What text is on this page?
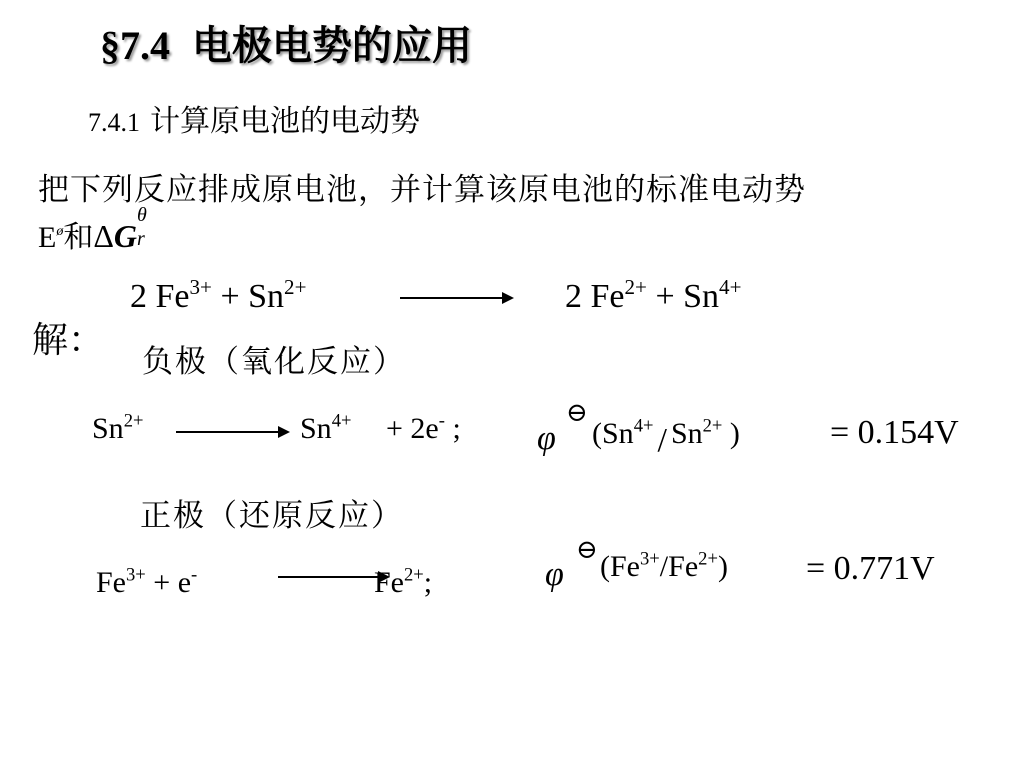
§7.4 电极电势的应用
7.4.1 计算原电池的电动势
把下列反应排成原电池，并计算该原电池的标准电动势
$E^ø$和ΔG
θ
r
2 $Fe^{3+} + Sn^{2+}$	2 $Fe^{2+} + Sn^{4+}$
解：
负极（氧化反应）
$Sn^{2+}$	$Sn^{4+} + 2e^-$ ; φ
⊖
($Sn^{4+} / Sn^{2+}$ )	= 0.154V
正极（还原反应）
$Fe^{3+} + e^-$	$Fe^{2+}$;	φ
⊖
$(Fe^{3+}/Fe^{2+}) = 0.771V$
